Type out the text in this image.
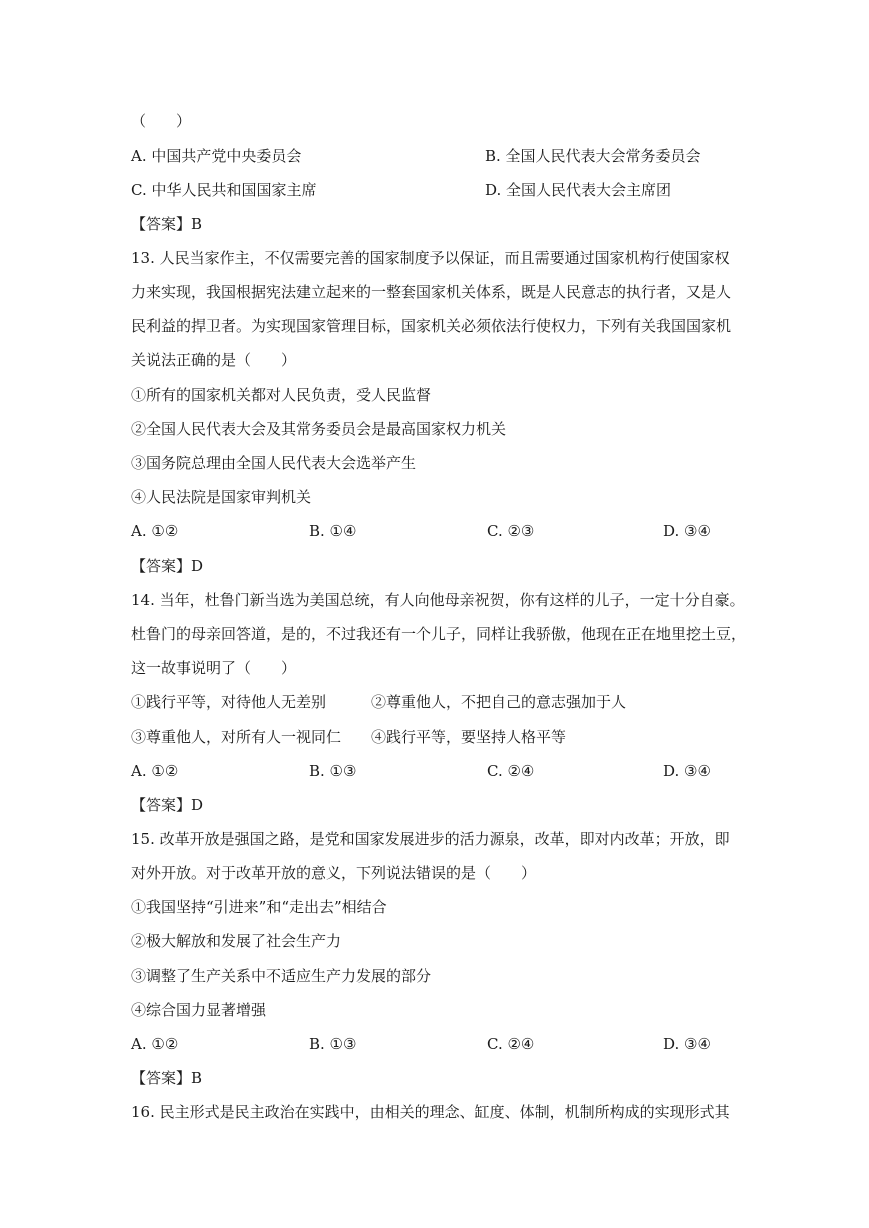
（　　）
A. 中国共产党中央委员会	B. 全国人民代表大会常务委员会
C. 中华人民共和国国家主席	D. 全国人民代表大会主席团
【答案】B
13. 人民当家作主，不仅需要完善的国家制度予以保证，而且需要通过国家机构行使国家权
力来实现，我国根据宪法建立起来的一整套国家机关体系，既是人民意志的执行者，又是人
民利益的捍卫者。为实现国家管理目标，国家机关必须依法行使权力，下列有关我国国家机
关说法正确的是（　　）
①所有的国家机关都对人民负责，受人民监督
②全国人民代表大会及其常务委员会是最高国家权力机关
③国务院总理由全国人民代表大会选举产生
④人民法院是国家审判机关
A. ①②	B. ①④	C. ②③	D. ③④
【答案】D
14. 当年，杜鲁门新当选为美国总统，有人向他母亲祝贺，你有这样的儿子，一定十分自豪。
杜鲁门的母亲回答道，是的，不过我还有一个儿子，同样让我骄傲，他现在正在地里挖土豆，
这一故事说明了（　　）
①践行平等，对待他人无差别　　　②尊重他人，不把自己的意志强加于人
③尊重他人，对所有人一视同仁　　④践行平等，要坚持人格平等
A. ①②	B. ①③	C. ②④	D. ③④
【答案】D
15. 改革开放是强国之路，是党和国家发展进步的活力源泉，改革，即对内改革；开放，即
对外开放。对于改革开放的意义，下列说法错误的是（　　）
①我国坚持“引进来”和“走出去”相结合
②极大解放和发展了社会生产力
③调整了生产关系中不适应生产力发展的部分
④综合国力显著增强
A. ①②	B. ①③	C. ②④	D. ③④
【答案】B
16. 民主形式是民主政治在实践中，由相关的理念、缸度、体制，机制所构成的实现形式其
